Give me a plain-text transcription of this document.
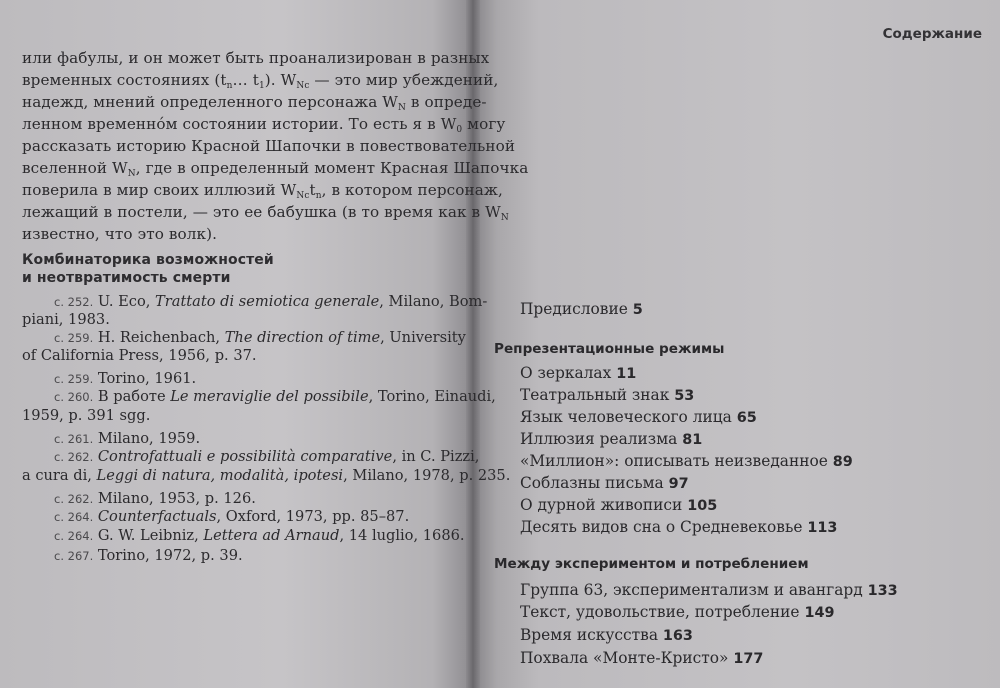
или фабулы, и он может быть проанализирован в разных
временных состояниях ($t_n\dots$ $t_1$). $W_{Nc}$ — это мир убеждений,
надежд, мнений определенного персонажа $W_N$ в опреде-
ленном временнóм состоянии истории. То есть я в $W_0$ могу
рассказать историю Красной Шапочки в повествовательной
вселенной $W_N$, где в определенный момент Красная Шапочка
поверила в мир своих иллюзий $W_{Nc}t_n$, в котором персонаж,
лежащий в постели, — это ее бабушка (в то время как в $W_N$
известно, что это волк).
Комбинаторика возможностей
и неотвратимость смерти
с. 252. U. Eco, Trattato di semiotica generale, Milano, Bom-
piani, 1983.
с. 259. H. Reichenbach, The direction of time, University
of California Press, 1956, p. 37.
с. 259. Torino, 1961.
с. 260. В работе Le meraviglie del possibile, Torino, Einaudi,
1959, p. 391 sgg.
с. 261. Milano, 1959.
с. 262. Controfattuali e possibilità comparative, in C. Pizzi,
a cura di, Leggi di natura, modalità, ipotesi, Milano, 1978, p. 235.
с. 262. Milano, 1953, p. 126.
с. 264. Counterfactuals, Oxford, 1973, pp. 85–87.
с. 264. G. W. Leibniz, Lettera ad Arnaud, 14 luglio, 1686.
с. 267. Torino, 1972, p. 39.
Содержание
Предисловие 5
Репрезентационные режимы
О зеркалах 11
Театральный знак 53
Язык человеческого лица 65
Иллюзия реализма 81
«Миллион»: описывать неизведанное 89
Соблазны письма 97
О дурной живописи 105
Десять видов сна о Средневековье 113
Между экспериментом и потреблением
Группа 63, экспериментализм и авангард 133
Текст, удовольствие, потребление 149
Время искусства 163
Похвала «Монте-Кристо» 177
